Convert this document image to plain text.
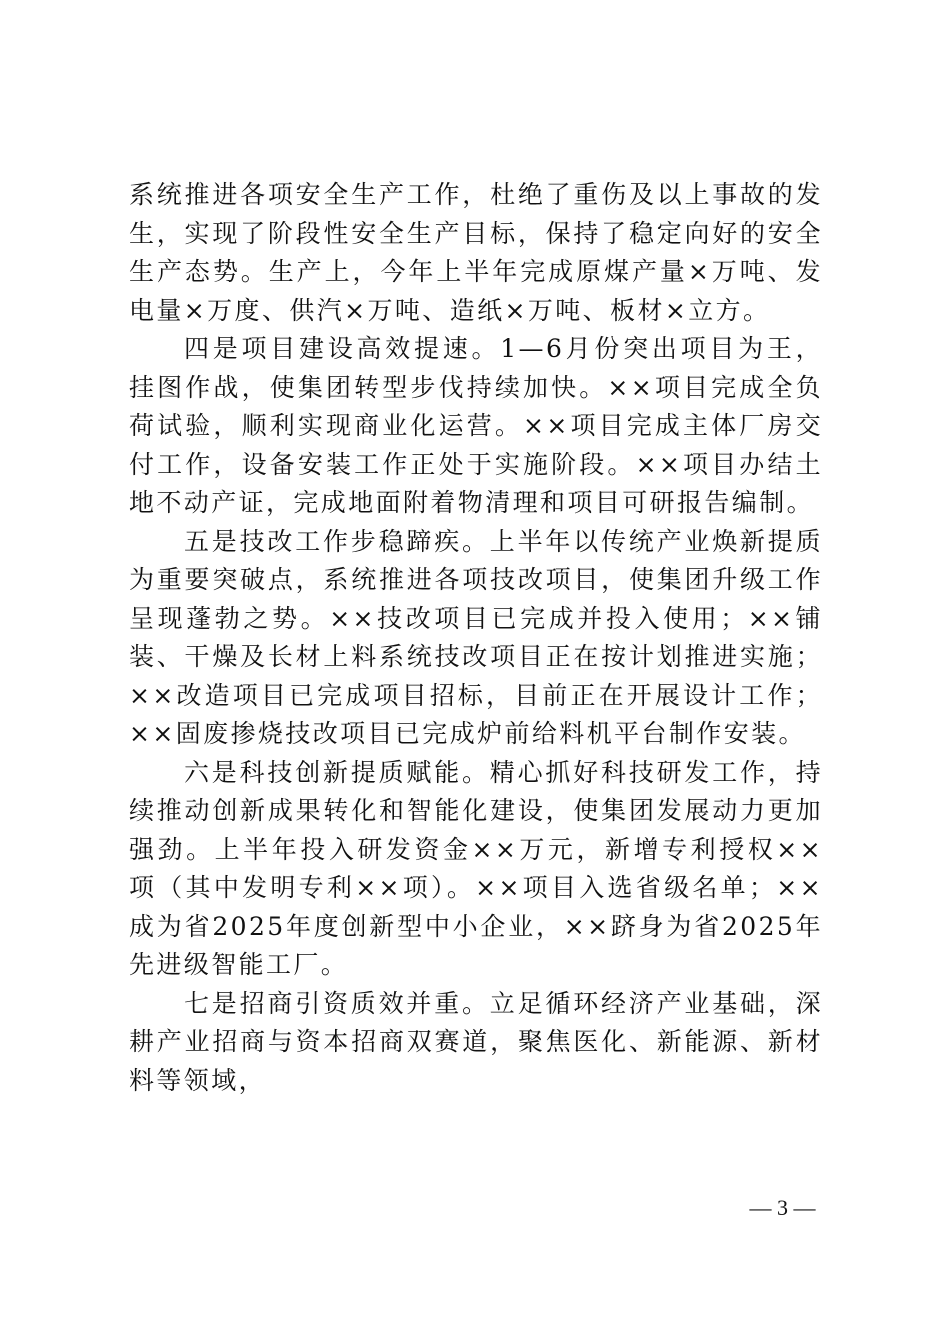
系统推进各项安全生产工作，杜绝了重伤及以上事故的发生，实现了阶段性安全生产目标，保持了稳定向好的安全生产态势。生产上，今年上半年完成原煤产量×万吨、发电量×万度、供汽×万吨、造纸×万吨、板材×立方。

四是项目建设高效提速。1—6月份突出项目为王，挂图作战，使集团转型步伐持续加快。××项目完成全负荷试验，顺利实现商业化运营。××项目完成主体厂房交付工作，设备安装工作正处于实施阶段。××项目办结土地不动产证，完成地面附着物清理和项目可研报告编制。

五是技改工作步稳蹄疾。上半年以传统产业焕新提质为重要突破点，系统推进各项技改项目，使集团升级工作呈现蓬勃之势。××技改项目已完成并投入使用；××铺装、干燥及长材上料系统技改项目正在按计划推进实施；××改造项目已完成项目招标，目前正在开展设计工作；××固废掺烧技改项目已完成炉前给料机平台制作安装。

六是科技创新提质赋能。精心抓好科技研发工作，持续推动创新成果转化和智能化建设，使集团发展动力更加强劲。上半年投入研发资金××万元，新增专利授权××项（其中发明专利××项）。××项目入选省级名单；××成为省2025年度创新型中小企业，××跻身为省2025年先进级智能工厂。

七是招商引资质效并重。立足循环经济产业基础，深耕产业招商与资本招商双赛道，聚焦医化、新能源、新材料等领域，

— 3 —
